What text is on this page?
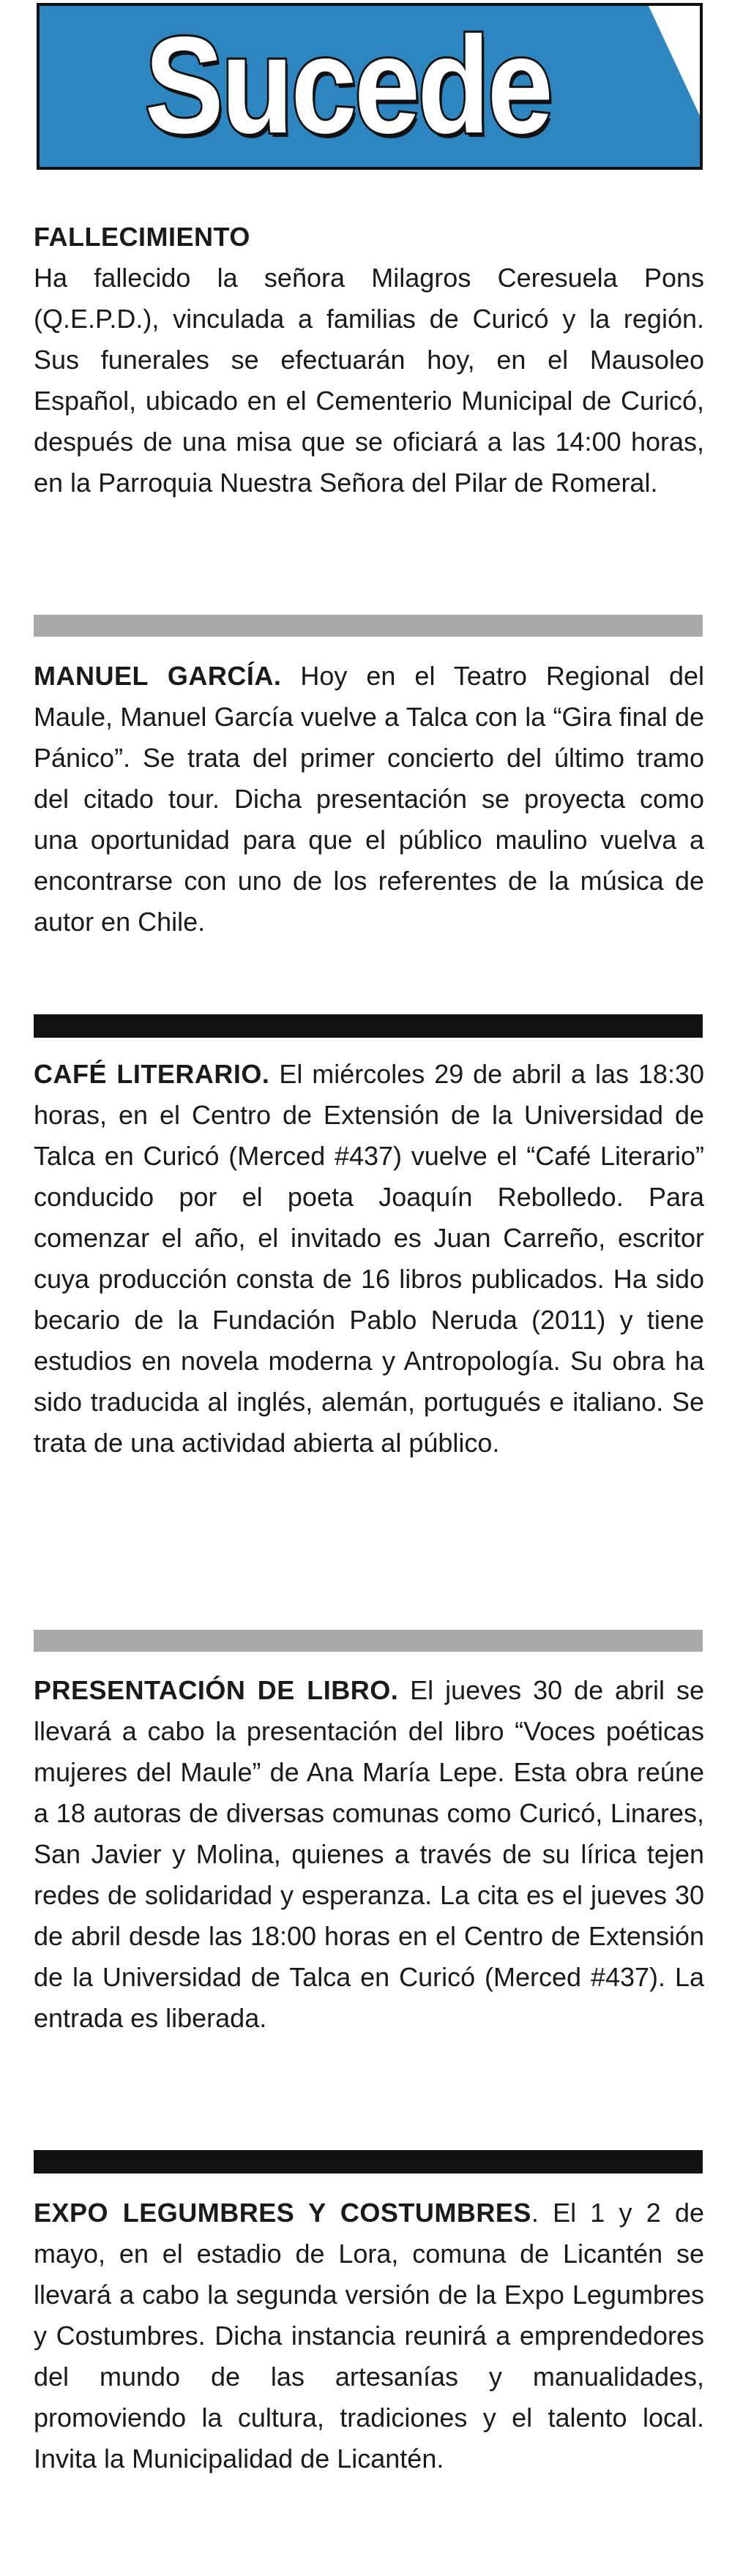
Sucede
FALLECIMIENTO
Ha fallecido la señora Milagros Ceresuela Pons (Q.E.P.D.), vinculada a familias de Curicó y la región. Sus funerales se efectuarán hoy, en el Mausoleo Español, ubicado en el Cementerio Municipal de Curicó, después de una misa que se oficiará a las 14:00 horas, en la Parroquia Nuestra Señora del Pilar de Romeral.
MANUEL GARCÍA. Hoy en el Teatro Regional del Maule, Manuel García vuelve a Talca con la “Gira final de Pánico”. Se trata del primer concierto del último tramo del citado tour. Dicha presentación se proyecta como una oportunidad para que el público maulino vuelva a encontrarse con uno de los referentes de la música de autor en Chile.
CAFÉ LITERARIO. El miércoles 29 de abril a las 18:30 horas, en el Centro de Extensión de la Universidad de Talca en Curicó (Merced #437) vuelve el “Café Literario” conducido por el poeta Joaquín Rebolledo. Para comenzar el año, el invitado es Juan Carreño, escritor cuya producción consta de 16 libros publicados. Ha sido becario de la Fundación Pablo Neruda (2011) y tiene estudios en novela moderna y Antropología. Su obra ha sido traducida al inglés, alemán, portugués e italiano. Se trata de una actividad abierta al público.
PRESENTACIÓN DE LIBRO. El jueves 30 de abril se llevará a cabo la presentación del libro “Voces poéticas mujeres del Maule” de Ana María Lepe. Esta obra reúne a 18 autoras de diversas comunas como Curicó, Linares, San Javier y Molina, quienes a través de su lírica tejen redes de solidaridad y esperanza. La cita es el jueves 30 de abril desde las 18:00 horas en el Centro de Extensión de la Universidad de Talca en Curicó (Merced #437). La entrada es liberada.
EXPO LEGUMBRES Y COSTUMBRES. El 1 y 2 de mayo, en el estadio de Lora, comuna de Licantén se llevará a cabo la segunda versión de la Expo Legumbres y Costumbres. Dicha instancia reunirá a emprendedores del mundo de las artesanías y manualidades, promoviendo la cultura, tradiciones y el talento local. Invita la Municipalidad de Licantén.
